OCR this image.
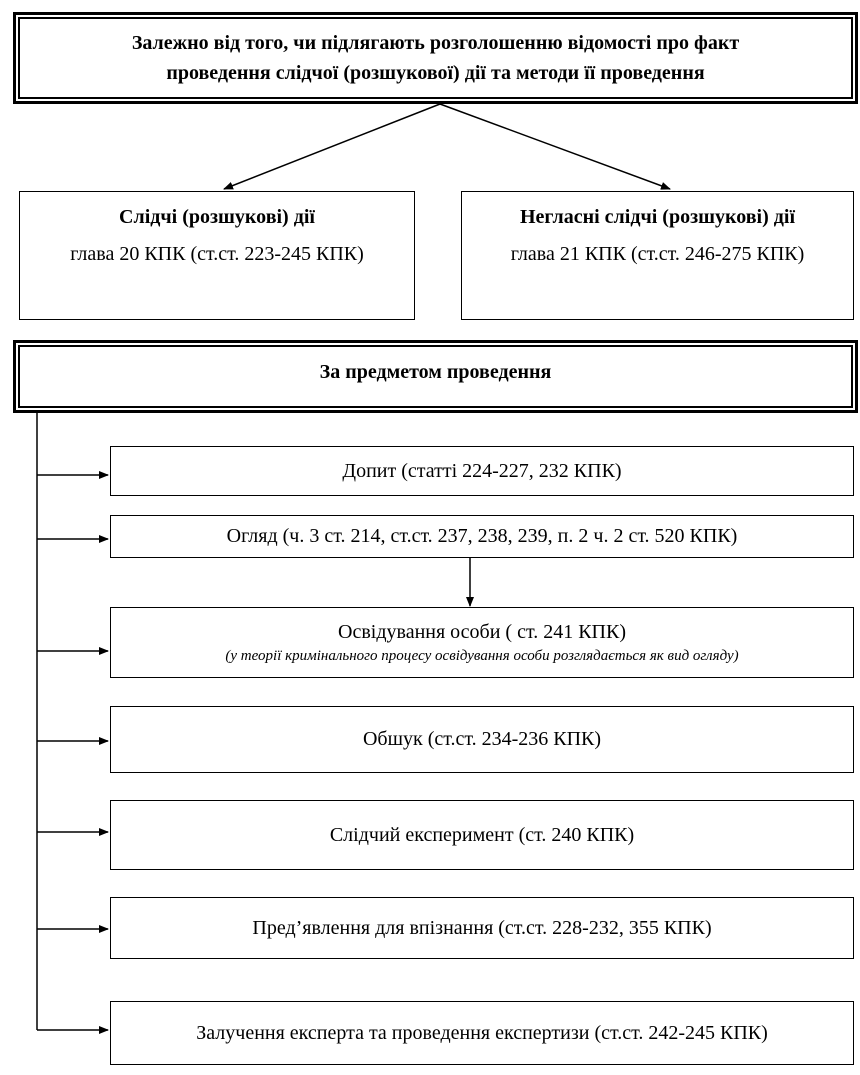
Залежно від того, чи підлягають розголошенню відомості про факт
проведення слідчої (розшукової) дії та методи її проведення
Слідчі (розшукові) дії
глава 20 КПК (ст.ст. 223-245 КПК)
Негласні слідчі (розшукові) дії
глава 21 КПК (ст.ст. 246-275 КПК)
За предметом проведення
Допит (статті 224-227, 232 КПК)
Огляд (ч. 3 ст. 214, ст.ст. 237, 238, 239, п. 2 ч. 2 ст. 520 КПК)
Освідування особи ( ст. 241 КПК)
(у теорії кримінального процесу освідування особи розглядається як вид огляду)
Обшук (ст.ст. 234-236 КПК)
Слідчий експеримент (ст. 240 КПК)
Пред’явлення для впізнання (ст.ст. 228-232, 355 КПК)
Залучення експерта та проведення експертизи (ст.ст. 242-245 КПК)
